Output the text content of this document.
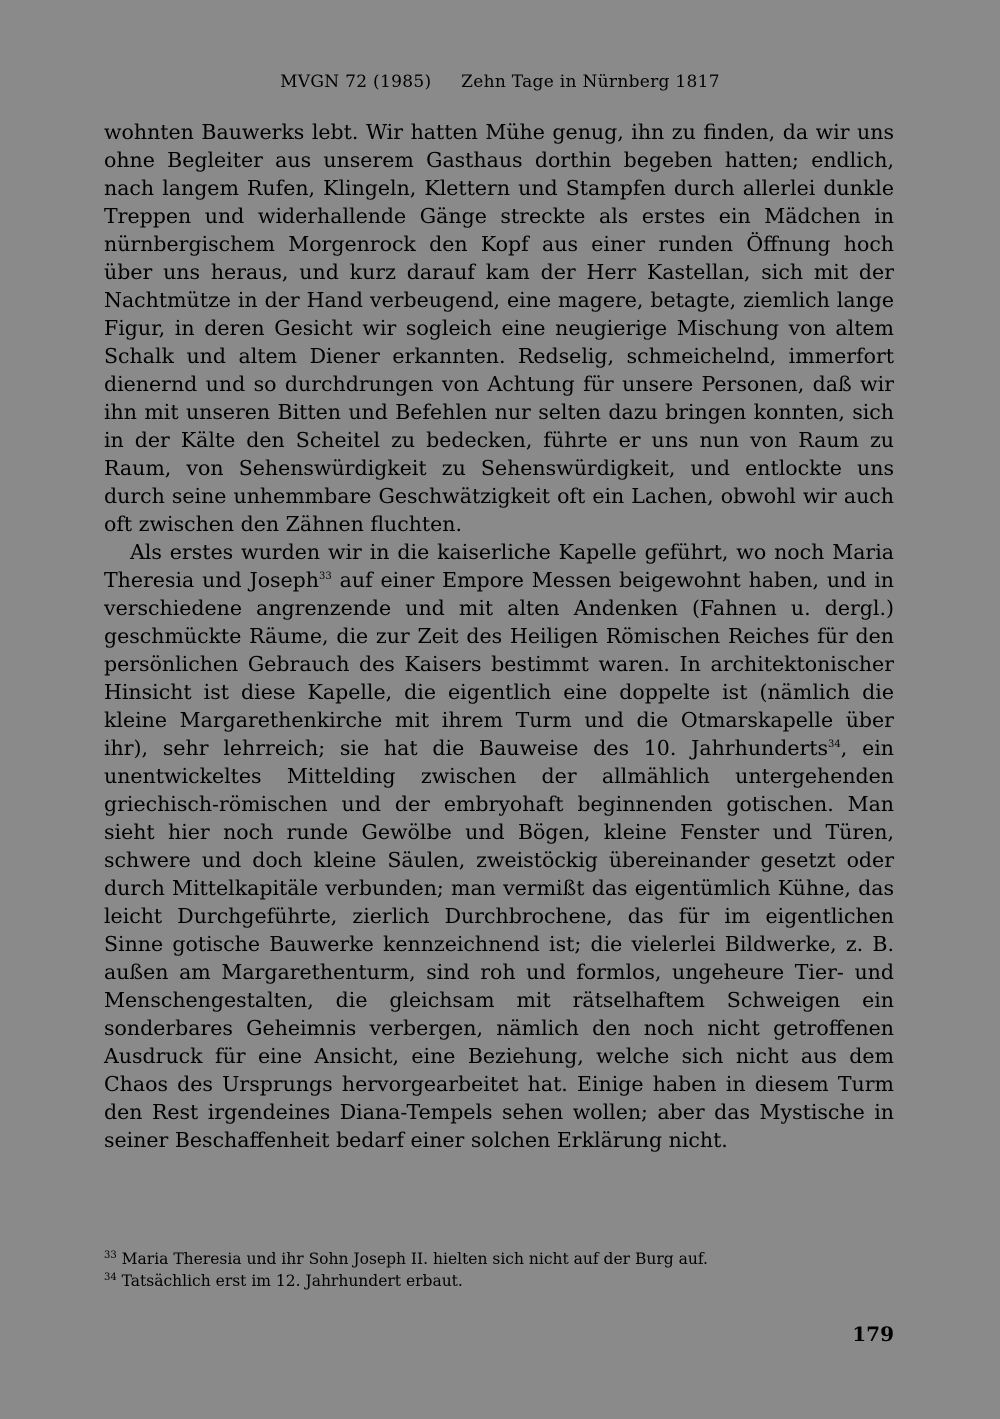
MVGN 72 (1985) Zehn Tage in Nürnberg 1817

wohnten Bauwerks lebt. Wir hatten Mühe genug, ihn zu finden, da wir uns ohne Begleiter aus unserem Gasthaus dorthin begeben hatten; endlich, nach langem Rufen, Klingeln, Klettern und Stampfen durch allerlei dunkle Treppen und widerhallende Gänge streckte als erstes ein Mädchen in nürnbergischem Morgenrock den Kopf aus einer runden Öffnung hoch über uns heraus, und kurz darauf kam der Herr Kastellan, sich mit der Nachtmütze in der Hand verbeugend, eine magere, betagte, ziemlich lange Figur, in deren Gesicht wir sogleich eine neugierige Mischung von altem Schalk und altem Diener erkannten. Redselig, schmeichelnd, immerfort dienernd und so durchdrungen von Achtung für unsere Personen, daß wir ihn mit unseren Bitten und Befehlen nur selten dazu bringen konnten, sich in der Kälte den Scheitel zu bedecken, führte er uns nun von Raum zu Raum, von Sehenswürdigkeit zu Sehenswürdigkeit, und entlockte uns durch seine unhemmbare Geschwätzigkeit oft ein Lachen, obwohl wir auch oft zwischen den Zähnen fluchten.

Als erstes wurden wir in die kaiserliche Kapelle geführt, wo noch Maria Theresia und Joseph$^{33}$ auf einer Empore Messen beigewohnt haben, und in verschiedene angrenzende und mit alten Andenken (Fahnen u. dergl.) geschmückte Räume, die zur Zeit des Heiligen Römischen Reiches für den persönlichen Gebrauch des Kaisers bestimmt waren. In architektonischer Hinsicht ist diese Kapelle, die eigentlich eine doppelte ist (nämlich die kleine Margarethenkirche mit ihrem Turm und die Otmarskapelle über ihr), sehr lehrreich; sie hat die Bauweise des 10. Jahrhunderts$^{34}$, ein unentwickeltes Mittelding zwischen der allmählich untergehenden griechisch-römischen und der embryohaft beginnenden gotischen. Man sieht hier noch runde Gewölbe und Bögen, kleine Fenster und Türen, schwere und doch kleine Säulen, zweistöckig übereinander gesetzt oder durch Mittelkapitäle verbunden; man vermißt das eigentümlich Kühne, das leicht Durchgeführte, zierlich Durchbrochene, das für im eigentlichen Sinne gotische Bauwerke kennzeichnend ist; die vielerlei Bildwerke, z. B. außen am Margarethenturm, sind roh und formlos, ungeheure Tier- und Menschengestalten, die gleichsam mit rätselhaftem Schweigen ein sonderbares Geheimnis verbergen, nämlich den noch nicht getroffenen Ausdruck für eine Ansicht, eine Beziehung, welche sich nicht aus dem Chaos des Ursprungs hervorgearbeitet hat. Einige haben in diesem Turm den Rest irgendeines Diana-Tempels sehen wollen; aber das Mystische in seiner Beschaffenheit bedarf einer solchen Erklärung nicht.

$^{33}$ Maria Theresia und ihr Sohn Joseph II. hielten sich nicht auf der Burg auf.

$^{34}$ Tatsächlich erst im 12. Jahrhundert erbaut.

179
